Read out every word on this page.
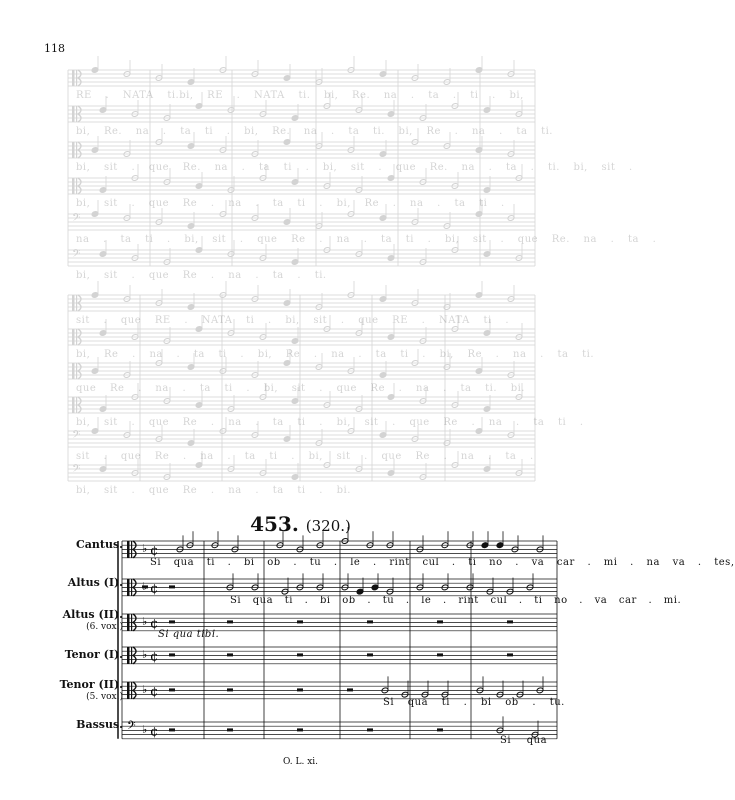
118
𝄢
𝄢
𝄢
𝄢
RE . NATA ti.bi, RE . NATA ti. bi, Re. na . ta . ti . bi,
bi, Re. na . ta ti . bi, Re. na . ta ti. bi, Re . na . ta ti.
bi, sit . que Re. na . ta ti . bi, sit . que Re. na . ta . ti. bi, sit .
bi, sit . que Re . na . ta ti . bi, Re . na . ta ti .
na . ta ti . bi, sit . que Re . na . ta ti . bi, sit . que Re. na . ta .
bi, sit . que Re . na . ta . ti.
sit . que RE . NATA ti . bi, sit . que RE . NATA ti .
bi, Re . na . ta ti . bi, Re . na . ta ti . bi, Re . na . ta ti.
que Re . na . ta ti . bi, sit . que Re . na . ta ti. bi.
bi, sit . que Re . na . ta ti . bi, sit . que Re . na . ta ti .
sit . que Re . na . ta ti . bi, sit . que Re . na . ta .
bi, sit . que Re . na . ta ti . bi.
453. (320.)
♭ ¢
¢
♭ ¢
♭ ¢
♭ ¢
𝄢 ♭ ¢
Cantus.
Altus (I).
Altus (II).
(6. vox.)
Tenor (I).
Tenor (II).
(5. vox.)
Bassus.
Si qua ti . bi ob . tu . le . rint cul . ti no . va car . mi . na va . tes,
Si qua ti . bi ob . tu . le . rint cul . ti no . va car . mi.
Si qua tibi.
Si qua ti . bi ob . tu.
Si qua
O. L. xi.
